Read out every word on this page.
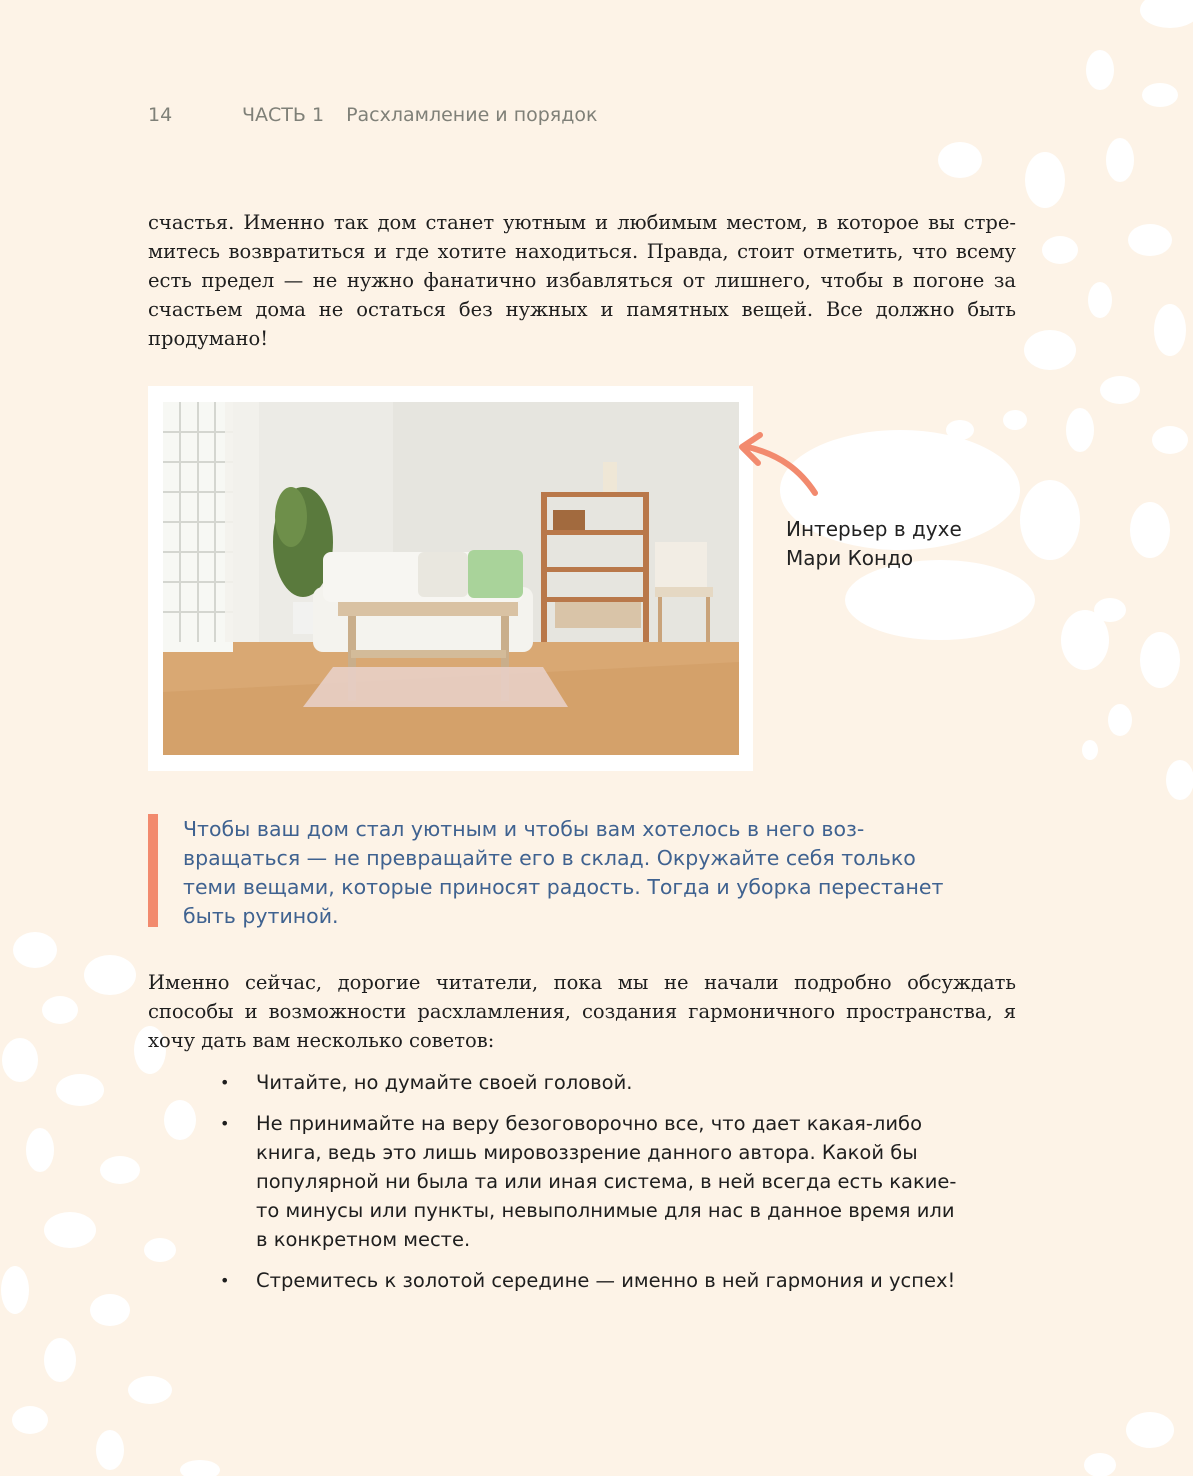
14	ЧАСТЬ 1 Расхламление и порядок

счастья. Именно так дом станет уютным и любимым местом, в которое вы стремитесь возвратиться и где хотите находиться. Правда, стоит отметить, что всему есть предел — не нужно фанатично избавляться от лишнего, чтобы в погоне за счастьем дома не остаться без нужных и памятных вещей. Все должно быть продумано!

Интерьер в духе
Мари Кондо

Чтобы ваш дом стал уютным и чтобы вам хотелось в него возвращаться — не превращайте его в склад. Окружайте себя только теми вещами, которые приносят радость. Тогда и уборка перестанет быть рутиной.

Именно сейчас, дорогие читатели, пока мы не начали подробно обсуждать способы и возможности расхламления, создания гармоничного пространства, я хочу дать вам несколько советов:

• Читайте, но думайте своей головой.
• Не принимайте на веру безоговорочно все, что дает какая-либо книга, ведь это лишь мировоззрение данного автора. Какой бы популярной ни была та или иная система, в ней всегда есть какие-то минусы или пункты, невыполнимые для нас в данное время или в конкретном месте.
• Стремитесь к золотой середине — именно в ней гармония и успех!
